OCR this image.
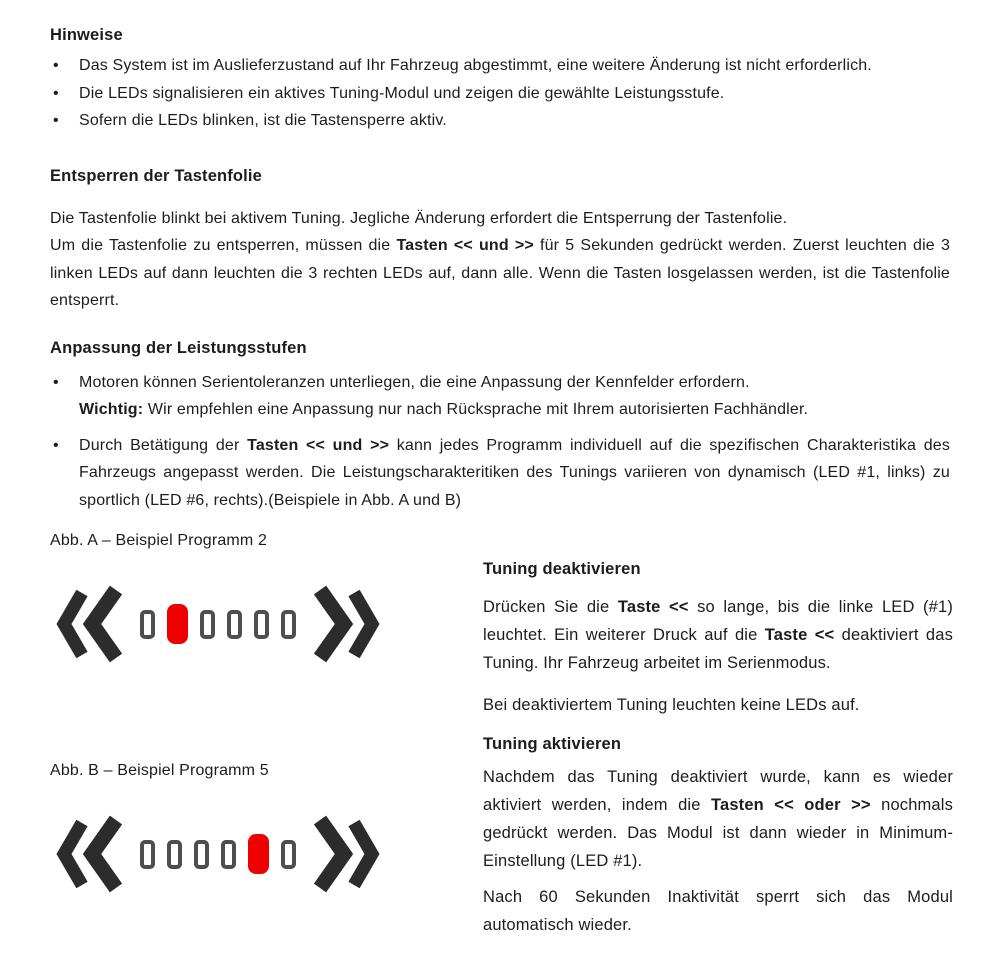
Hinweise
• Das System ist im Auslieferzustand auf Ihr Fahrzeug abgestimmt, eine weitere Änderung ist nicht erforderlich.
• Die LEDs signalisieren ein aktives Tuning-Modul und zeigen die gewählte Leistungsstufe.
• Sofern die LEDs blinken, ist die Tastensperre aktiv.
Entsperren der Tastenfolie

Die Tastenfolie blinkt bei aktivem Tuning. Jegliche Änderung erfordert die Entsperrung der Tastenfolie.
Um die Tastenfolie zu entsperren, müssen die Tasten << und >> für 5 Sekunden gedrückt werden. Zuerst leuchten die 3 linken LEDs auf dann leuchten die 3 rechten LEDs auf, dann alle. Wenn die Tasten losgelassen werden, ist die Tastenfolie entsperrt.

Anpassung der Leistungsstufen
• Motoren können Serientoleranzen unterliegen, die eine Anpassung der Kennfelder erfordern.
Wichtig: Wir empfehlen eine Anpassung nur nach Rücksprache mit Ihrem autorisierten Fachhändler.
• Durch Betätigung der Tasten << und >> kann jedes Programm individuell auf die spezifischen Charakteristika des Fahrzeugs angepasst werden. Die Leistungscharakteritiken des Tunings variieren von dynamisch (LED #1, links) zu sportlich (LED #6, rechts).(Beispiele in Abb. A und B)
Abb. A – Beispiel Programm 2
Abb. B – Beispiel Programm 5
Tuning deaktivieren

Drücken Sie die Taste << so lange, bis die linke LED (#1) leuchtet. Ein weiterer Druck auf die Taste << deaktiviert das Tuning. Ihr Fahrzeug arbeitet im Serienmodus.

Bei deaktiviertem Tuning leuchten keine LEDs auf.

Tuning aktivieren

Nachdem das Tuning deaktiviert wurde, kann es wieder aktiviert werden, indem die Tasten << oder >> nochmals gedrückt werden. Das Modul ist dann wieder in Minimum-Einstellung (LED #1).

Nach 60 Sekunden Inaktivität sperrt sich das Modul automatisch wieder.
